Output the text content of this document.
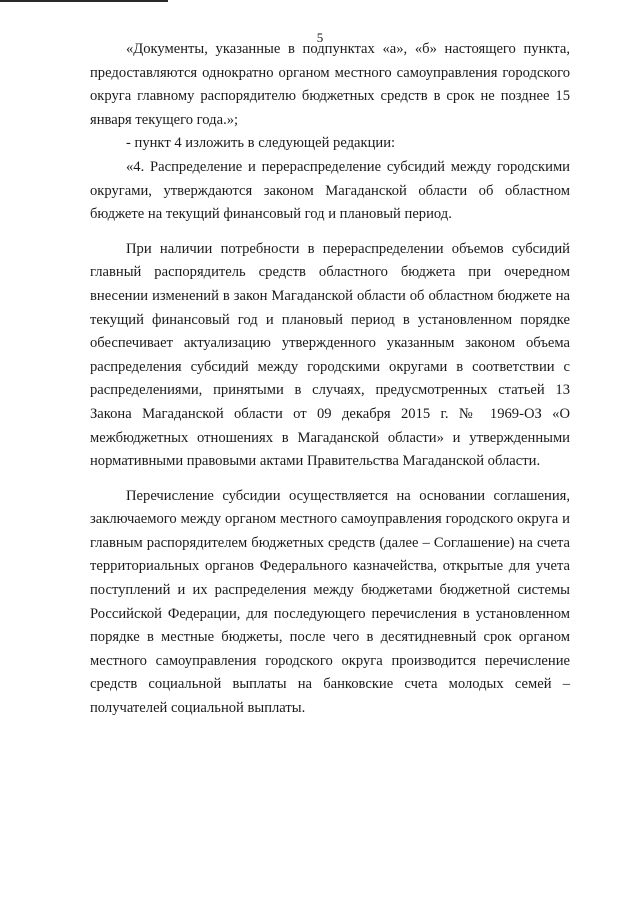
5

«Документы, указанные в подпунктах «а», «б» настоящего пункта, предоставляются однократно органом местного самоуправления городского округа главному распорядителю бюджетных средств в срок не позднее 15 января текущего года.»;

- пункт 4 изложить в следующей редакции:

«4. Распределение и перераспределение субсидий между городскими округами, утверждаются законом Магаданской области об областном бюджете на текущий финансовый год и плановый период.

При наличии потребности в перераспределении объемов субсидий главный распорядитель средств областного бюджета при очередном внесении изменений в закон Магаданской области об областном бюджете на текущий финансовый год и плановый период в установленном порядке обеспечивает актуализацию утвержденного указанным законом объема распределения субсидий между городскими округами в соответствии с распределениями, принятыми в случаях, предусмотренных статьей 13 Закона Магаданской области от 09 декабря 2015 г. № 1969-ОЗ «О межбюджетных отношениях в Магаданской области» и утвержденными нормативными правовыми актами Правительства Магаданской области.

Перечисление субсидии осуществляется на основании соглашения, заключаемого между органом местного самоуправления городского округа и главным распорядителем бюджетных средств (далее – Соглашение) на счета территориальных органов Федерального казначейства, открытые для учета поступлений и их распределения между бюджетами бюджетной системы Российской Федерации, для последующего перечисления в установленном порядке в местные бюджеты, после чего в десятидневный срок органом местного самоуправления городского округа производится перечисление средств социальной выплаты на банковские счета молодых семей – получателей социальной выплаты.
